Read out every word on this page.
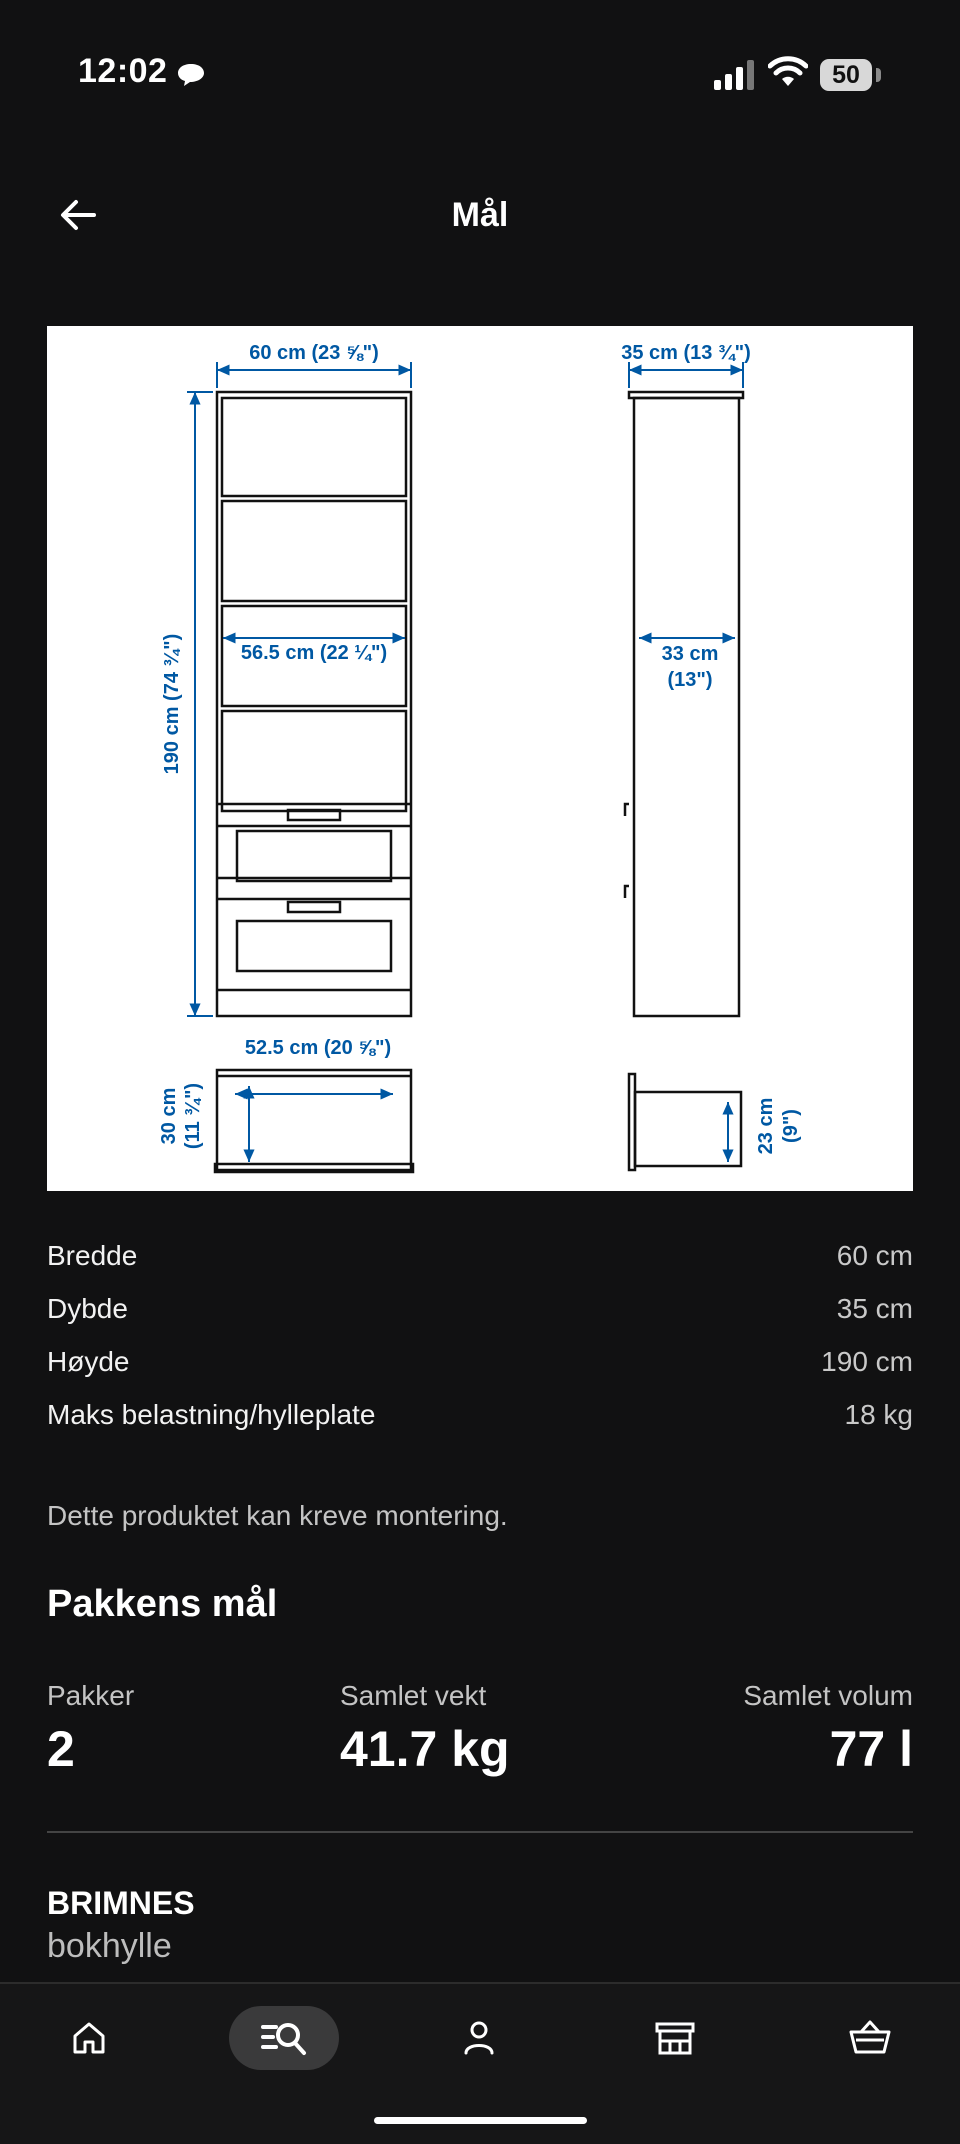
12:02	50
Mål
60 cm (23 ⅝")	35 cm (13 ¾")
190 cm (74 ¾")	56.5 cm (22 ¼")	33 cm
(13")
52.5 cm (20 ⅝")
30 cm (11 ¾")	23 cm (9")
Bredde	60 cm
Dybde	35 cm
Høyde	190 cm
Maks belastning/hylleplate	18 kg
Dette produktet kan kreve montering.
Pakkens mål
Pakker
2
Samlet vekt
41.7 kg
Samlet volum
77 l
BRIMNES
bokhylle
